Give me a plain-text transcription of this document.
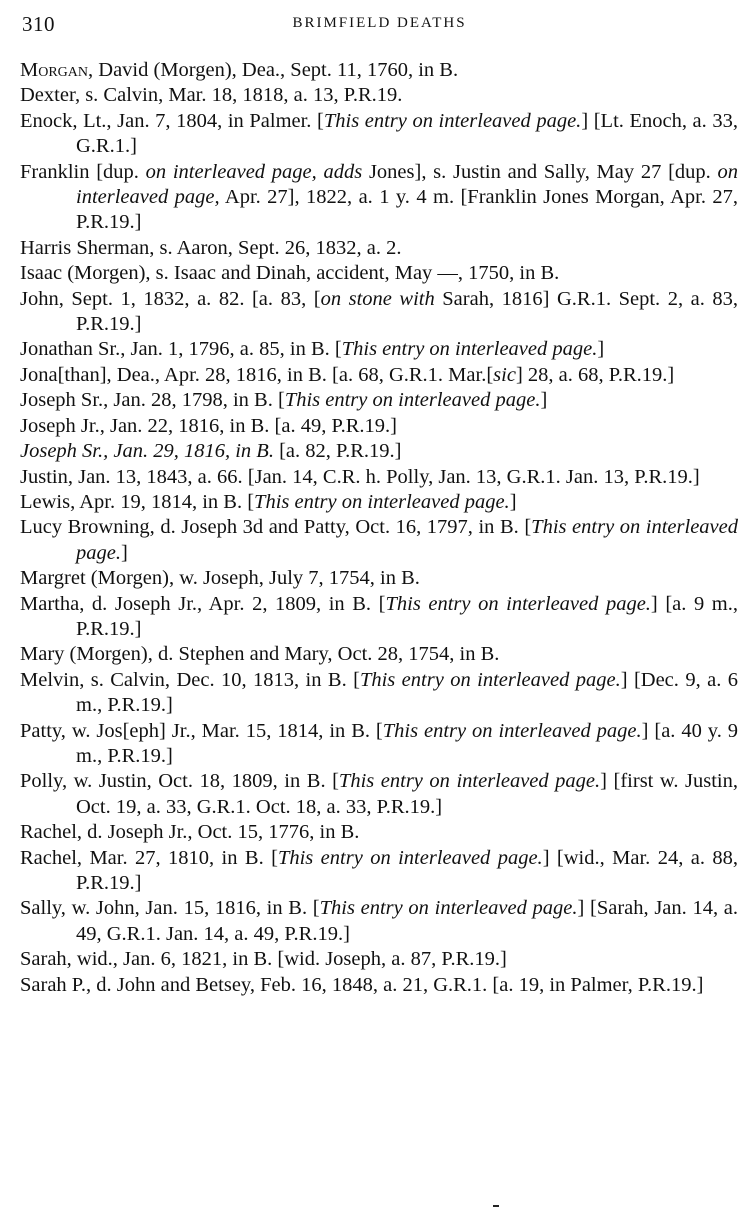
310	BRIMFIELD DEATHS

Morgan, David (Morgen), Dea., Sept. 11, 1760, in B.

Dexter, s. Calvin, Mar. 18, 1818, a. 13, P.R.19.

Enock, Lt., Jan. 7, 1804, in Palmer. [This entry on interleaved page.] [Lt. Enoch, a. 33, G.R.1.]

Franklin [dup. on interleaved page, adds Jones], s. Justin and Sally, May 27 [dup. on interleaved page, Apr. 27], 1822, a. 1 y. 4 m. [Franklin Jones Morgan, Apr. 27, P.R.19.]

Harris Sherman, s. Aaron, Sept. 26, 1832, a. 2.

Isaac (Morgen), s. Isaac and Dinah, accident, May —, 1750, in B.

John, Sept. 1, 1832, a. 82. [a. 83, [on stone with Sarah, 1816] G.R.1. Sept. 2, a. 83, P.R.19.]

Jonathan Sr., Jan. 1, 1796, a. 85, in B. [This entry on interleaved page.]

Jona[than], Dea., Apr. 28, 1816, in B. [a. 68, G.R.1. Mar.[sic] 28, a. 68, P.R.19.]

Joseph Sr., Jan. 28, 1798, in B. [This entry on interleaved page.]

Joseph Jr., Jan. 22, 1816, in B. [a. 49, P.R.19.]

Joseph Sr., Jan. 29, 1816, in B. [a. 82, P.R.19.]

Justin, Jan. 13, 1843, a. 66. [Jan. 14, C.R. h. Polly, Jan. 13, G.R.1. Jan. 13, P.R.19.]

Lewis, Apr. 19, 1814, in B. [This entry on interleaved page.]

Lucy Browning, d. Joseph 3d and Patty, Oct. 16, 1797, in B. [This entry on interleaved page.]

Margret (Morgen), w. Joseph, July 7, 1754, in B.

Martha, d. Joseph Jr., Apr. 2, 1809, in B. [This entry on interleaved page.] [a. 9 m., P.R.19.]

Mary (Morgen), d. Stephen and Mary, Oct. 28, 1754, in B.

Melvin, s. Calvin, Dec. 10, 1813, in B. [This entry on interleaved page.] [Dec. 9, a. 6 m., P.R.19.]

Patty, w. Jos[eph] Jr., Mar. 15, 1814, in B. [This entry on interleaved page.] [a. 40 y. 9 m., P.R.19.]

Polly, w. Justin, Oct. 18, 1809, in B. [This entry on interleaved page.] [first w. Justin, Oct. 19, a. 33, G.R.1. Oct. 18, a. 33, P.R.19.]

Rachel, d. Joseph Jr., Oct. 15, 1776, in B.

Rachel, Mar. 27, 1810, in B. [This entry on interleaved page.] [wid., Mar. 24, a. 88, P.R.19.]

Sally, w. John, Jan. 15, 1816, in B. [This entry on interleaved page.] [Sarah, Jan. 14, a. 49, G.R.1. Jan. 14, a. 49, P.R.19.]

Sarah, wid., Jan. 6, 1821, in B. [wid. Joseph, a. 87, P.R.19.]

Sarah P., d. John and Betsey, Feb. 16, 1848, a. 21, G.R.1. [a. 19, in Palmer, P.R.19.]
